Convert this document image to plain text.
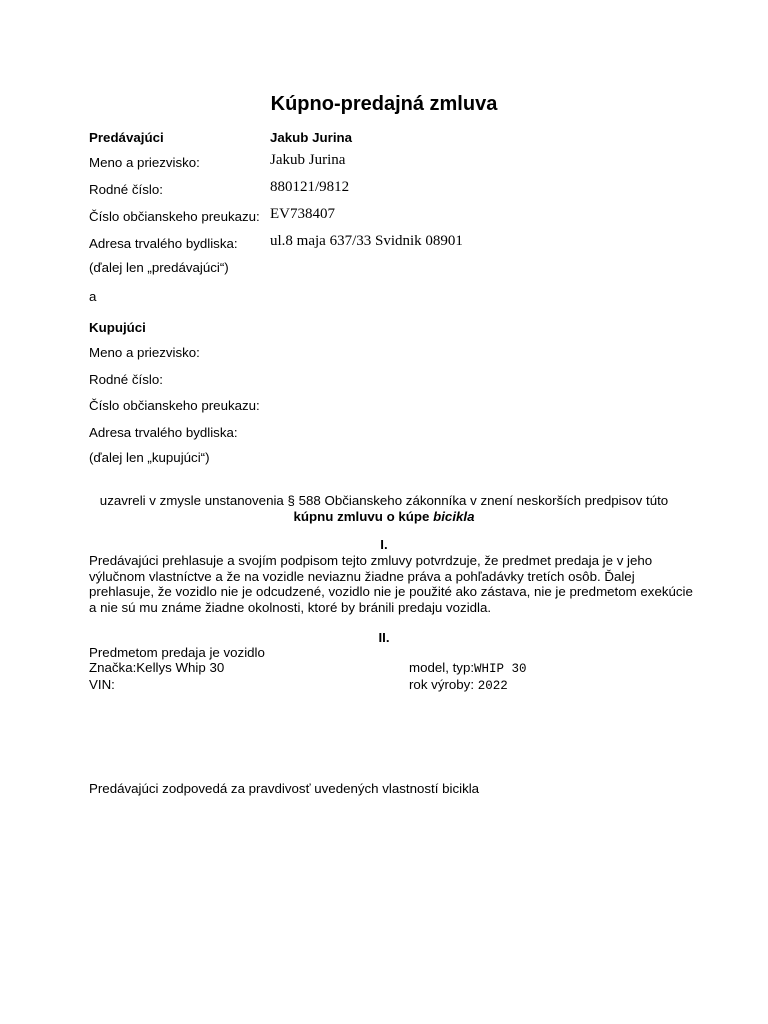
Kúpno-predajná zmluva
Predávajúci	Jakub Jurina
Meno a priezvisko:	Jakub Jurina
Rodné číslo:	880121/9812
Číslo občianskeho preukazu: EV738407
Adresa trvalého bydliska: ul.8 maja 637/33 Svidnik 08901
(ďalej len „predávajúci“)
a
Kupujúci
Meno a priezvisko:
Rodné číslo:
Číslo občianskeho preukazu:
Adresa trvalého bydliska:
(ďalej len „kupujúci“)
uzavreli v zmysle unstanovenia § 588 Občianskeho zákonníka v znení neskorších predpisov túto
kúpnu zmluvu o kúpe bicikla
I.

Predávajúci prehlasuje a svojím podpisom tejto zmluvy potvrdzuje, že predmet predaja je v jeho výlučnom vlastníctve a že na vozidle neviaznu žiadne práva a pohľadávky tretích osôb. Ďalej prehlasuje, že vozidlo nie je odcudzené, vozidlo nie je použité ako zástava, nie je predmetom exekúcie a nie sú mu známe žiadne okolnosti, ktoré by bránili predaju vozidla.

II.
Predmetom predaja je vozidlo
Značka:Kellys Whip 30	model, typ:WHIP 30
VIN:	rok výroby: 2022
Predávajúci zodpovedá za pravdivosť uvedených vlastností bicikla
